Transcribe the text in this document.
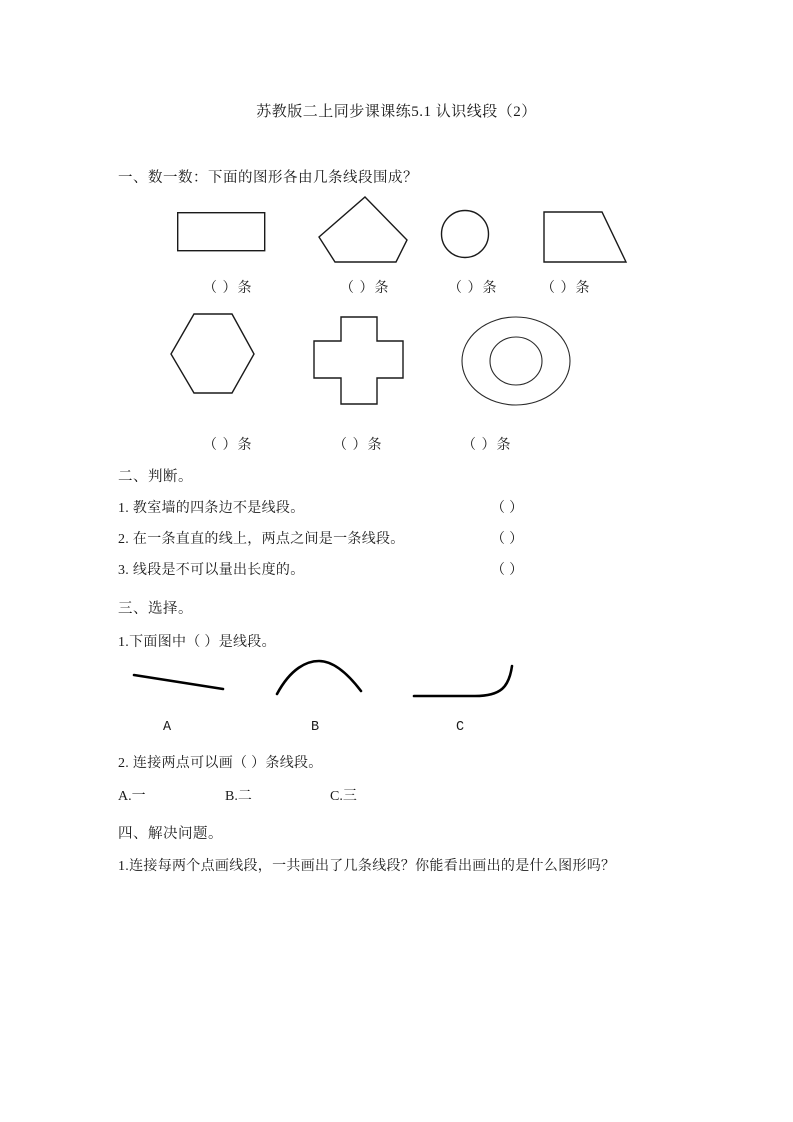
苏教版二上同步课课练5.1 认识线段（2）
一、数一数：下面的图形各由几条线段围成？
（ ）条	（ ）条	（ ）条	（ ）条
（ ）条	（ ）条	（ ）条
二、判断。
1. 教室墙的四条边不是线段。	（ ）
2. 在一条直直的线上，两点之间是一条线段。	（ ）
3. 线段是不可以量出长度的。	（ ）
三、选择。
1.下面图中（ ）是线段。
A	B	C
2. 连接两点可以画（ ）条线段。
A.一	B.二	C.三
四、解决问题。
1.连接每两个点画线段，一共画出了几条线段？你能看出画出的是什么图形吗？
